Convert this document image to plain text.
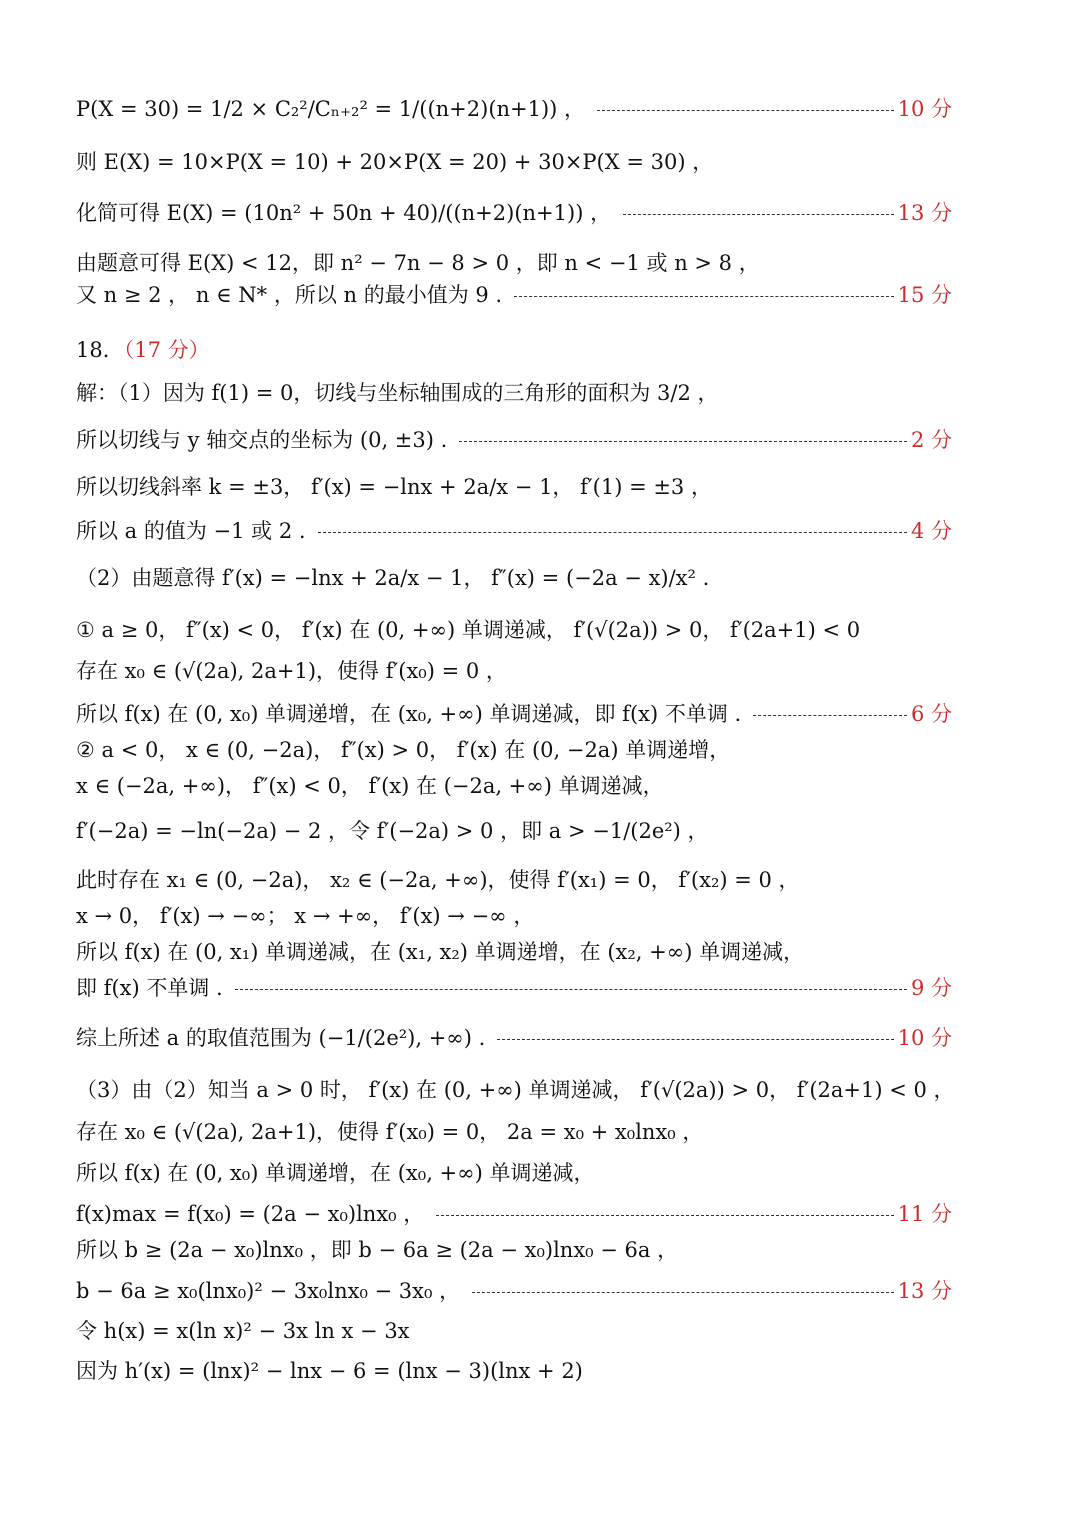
P(X = 30) = 1/2 × C₂²/Cₙ₊₂² = 1/((n+2)(n+1)) ，	10 分
则 E(X) = 10×P(X = 10) + 20×P(X = 20) + 30×P(X = 30) ，
化简可得 E(X) = (10n² + 50n + 40)/((n+2)(n+1)) ，	13 分
由题意可得 E(X) < 12，即 n² − 7n − 8 > 0 ，即 n < −1 或 n > 8 ，
又 n ≥ 2 ， n ∈ N* ，所以 n 的最小值为 9 .	15 分
18．（17 分）
解：（1）因为 f(1) = 0，切线与坐标轴围成的三角形的面积为 3/2 ，
所以切线与 y 轴交点的坐标为 (0, ±3) .	2 分
所以切线斜率 k = ±3， f′(x) = −lnx + 2a/x − 1， f′(1) = ±3 ，
所以 a 的值为 −1 或 2 .	4 分
（2）由题意得 f′(x) = −lnx + 2a/x − 1， f″(x) = (−2a − x)/x² .
① a ≥ 0， f″(x) < 0， f′(x) 在 (0, +∞) 单调递减， f′(√(2a)) > 0， f′(2a+1) < 0
存在 x₀ ∈ (√(2a), 2a+1)，使得 f′(x₀) = 0 ，
所以 f(x) 在 (0, x₀) 单调递增，在 (x₀, +∞) 单调递减，即 f(x) 不单调 .	6 分
② a < 0， x ∈ (0, −2a)， f″(x) > 0， f′(x) 在 (0, −2a) 单调递增，
x ∈ (−2a, +∞)， f″(x) < 0， f′(x) 在 (−2a, +∞) 单调递减，
f′(−2a) = −ln(−2a) − 2 ，令 f′(−2a) > 0 ，即 a > −1/(2e²) ，
此时存在 x₁ ∈ (0, −2a)， x₂ ∈ (−2a, +∞)，使得 f′(x₁) = 0， f′(x₂) = 0 ，
x → 0， f′(x) → −∞； x → +∞， f′(x) → −∞ ，
所以 f(x) 在 (0, x₁) 单调递减，在 (x₁, x₂) 单调递增，在 (x₂, +∞) 单调递减，
即 f(x) 不单调 .	9 分
综上所述 a 的取值范围为 (−1/(2e²), +∞) .	10 分
（3）由（2）知当 a > 0 时， f′(x) 在 (0, +∞) 单调递减， f′(√(2a)) > 0， f′(2a+1) < 0 ，
存在 x₀ ∈ (√(2a), 2a+1)，使得 f′(x₀) = 0， 2a = x₀ + x₀lnx₀ ，
所以 f(x) 在 (0, x₀) 单调递增，在 (x₀, +∞) 单调递减，
f(x)max = f(x₀) = (2a − x₀)lnx₀ ，	11 分
所以 b ≥ (2a − x₀)lnx₀ ，即 b − 6a ≥ (2a − x₀)lnx₀ − 6a ，
b − 6a ≥ x₀(lnx₀)² − 3x₀lnx₀ − 3x₀ ，	13 分
令 h(x) = x(ln x)² − 3x ln x − 3x
因为 h′(x) = (lnx)² − lnx − 6 = (lnx − 3)(lnx + 2)
